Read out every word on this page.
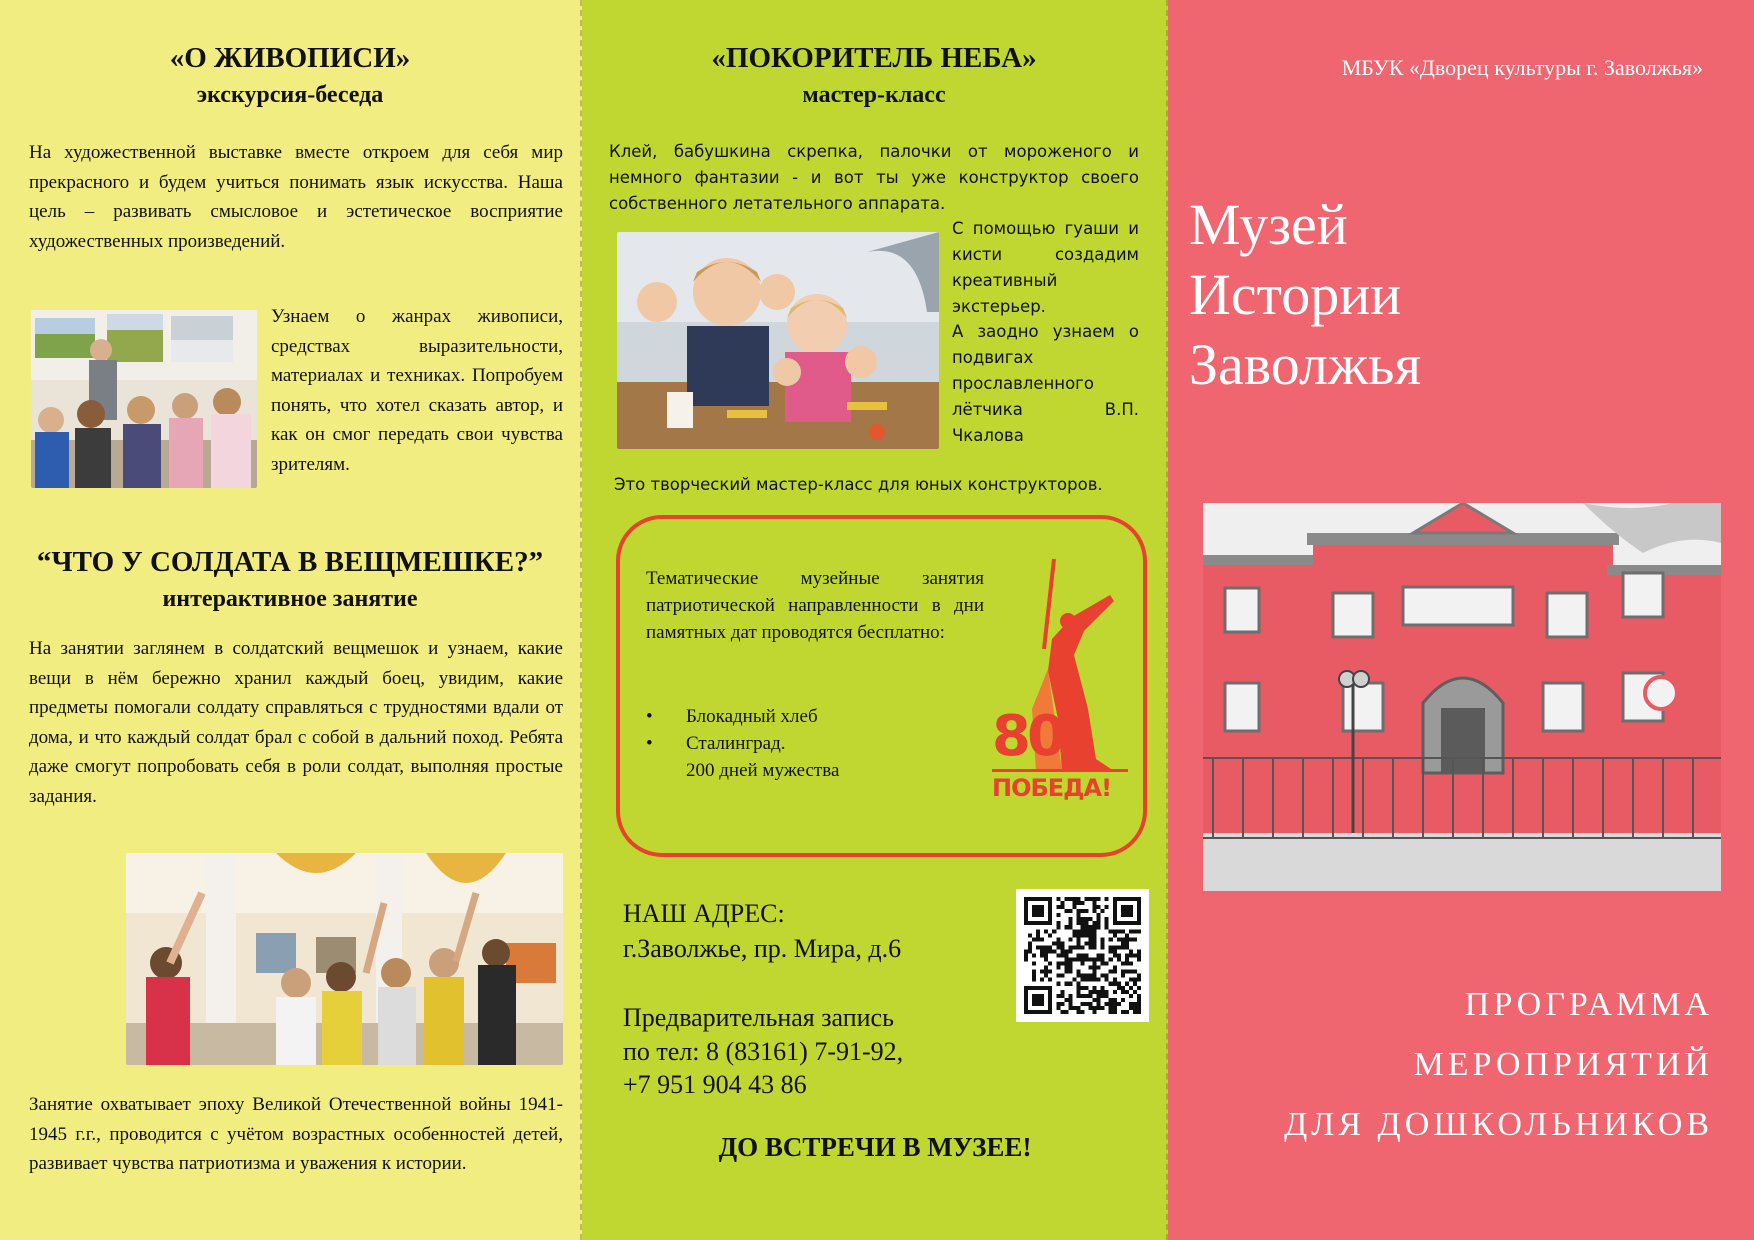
«О ЖИВОПИСИ»
экскурсия-беседа

На художественной выставке вместе откроем для себя мир прекрасного и будем учиться понимать язык искусства. Наша цель – развивать смысловое и эстетическое восприятие художественных произведений.

Узнаем о жанрах живописи, средствах выразительности, материалах и техниках. Попробуем понять, что хотел сказать автор, и как он смог передать свои чувства зрителям.

“ЧТО У СОЛДАТА В ВЕЩМЕШКЕ?”
интерактивное занятие

На занятии заглянем в солдатский вещмешок и узнаем, какие вещи в нём бережно хранил каждый боец, увидим, какие предметы помогали солдату справляться с трудностями вдали от дома, и что каждый солдат брал с собой в дальний поход. Ребята даже смогут попробовать себя в роли солдат, выполняя простые задания.

Занятие охватывает эпоху Великой Отечественной войны 1941-1945 г.г., проводится с учётом возрастных особенностей детей, развивает чувства патриотизма и уважения к истории.

«ПОКОРИТЕЛЬ НЕБА»
мастер-класс

Клей, бабушкина скрепка, палочки от мороженого и немного фантазии - и вот ты уже конструктор своего собственного летательного аппарата.

С помощью гуаши и кисти создадим креативный экстерьер.

А заодно узнаем о подвигах прославленного лётчика В.П. Чкалова

Это творческий мастер-класс для юных конструкторов.

Тематические музейные занятия патриотической направленности в дни памятных дат проводятся бесплатно:

• Блокадный хлеб
• Сталинград.
200 дней мужества
80
ПОБЕДА!
НАШ АДРЕС:
г.Заволжье, пр. Мира, д.6
Предварительная запись
по тел: 8 (83161) 7-91-92,
+7 951 904 43 86
ДО ВСТРЕЧИ В МУЗЕЕ!
МБУК «Дворец культуры г. Заволжья»
Музей
Истории
Заволжья
ПРОГРАММА
МЕРОПРИЯТИЙ
ДЛЯ ДОШКОЛЬНИКОВ
